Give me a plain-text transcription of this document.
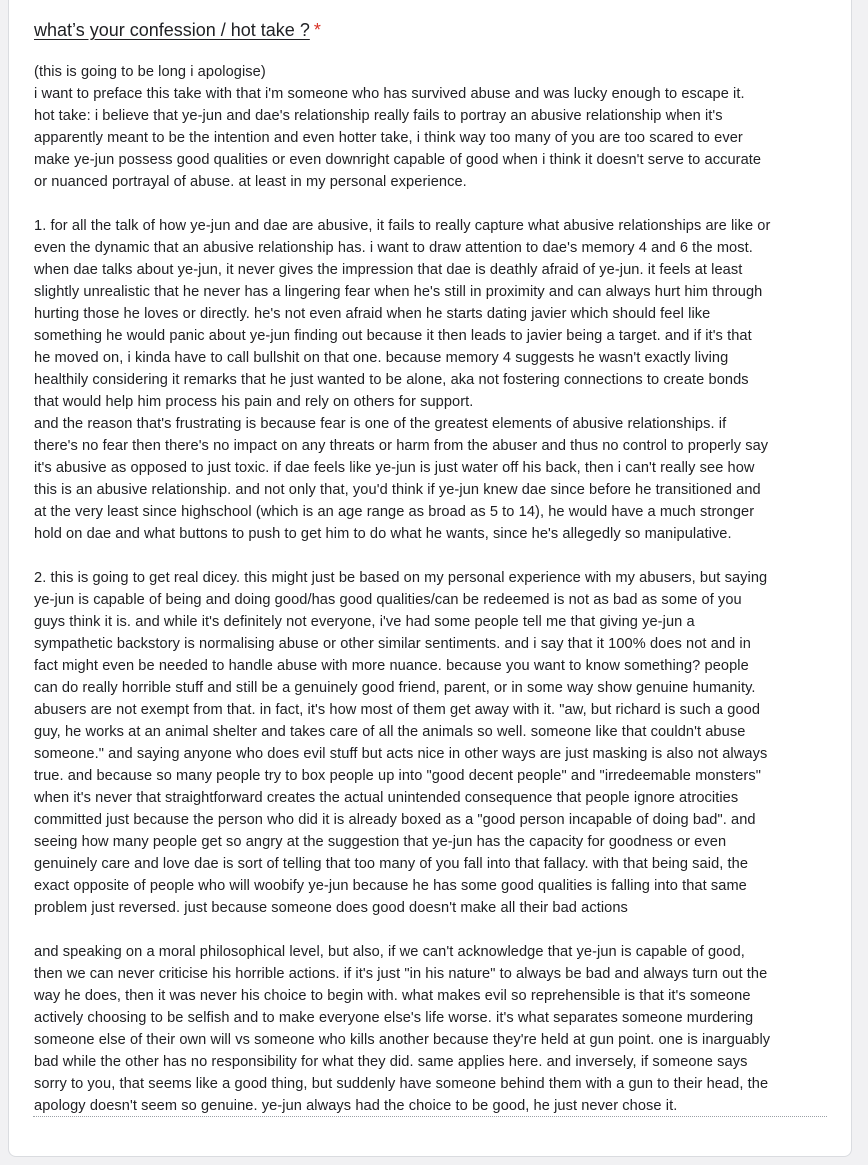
what’s your confession / hot take ? *
(this is going to be long i apologise)
i want to preface this take with that i'm someone who has survived abuse and was lucky enough to escape it.
hot take: i believe that ye-jun and dae's relationship really fails to portray an abusive relationship when it's
apparently meant to be the intention and even hotter take, i think way too many of you are too scared to ever
make ye-jun possess good qualities or even downright capable of good when i think it doesn't serve to accurate
or nuanced portrayal of abuse. at least in my personal experience.
1. for all the talk of how ye-jun and dae are abusive, it fails to really capture what abusive relationships are like or
even the dynamic that an abusive relationship has. i want to draw attention to dae's memory 4 and 6 the most.
when dae talks about ye-jun, it never gives the impression that dae is deathly afraid of ye-jun. it feels at least
slightly unrealistic that he never has a lingering fear when he's still in proximity and can always hurt him through
hurting those he loves or directly. he's not even afraid when he starts dating javier which should feel like
something he would panic about ye-jun finding out because it then leads to javier being a target. and if it's that
he moved on, i kinda have to call bullshit on that one. because memory 4 suggests he wasn't exactly living
healthily considering it remarks that he just wanted to be alone, aka not fostering connections to create bonds
that would help him process his pain and rely on others for support.
and the reason that's frustrating is because fear is one of the greatest elements of abusive relationships. if
there's no fear then there's no impact on any threats or harm from the abuser and thus no control to properly say
it's abusive as opposed to just toxic. if dae feels like ye-jun is just water off his back, then i can't really see how
this is an abusive relationship. and not only that, you'd think if ye-jun knew dae since before he transitioned and
at the very least since highschool (which is an age range as broad as 5 to 14), he would have a much stronger
hold on dae and what buttons to push to get him to do what he wants, since he's allegedly so manipulative.
2. this is going to get real dicey. this might just be based on my personal experience with my abusers, but saying
ye-jun is capable of being and doing good/has good qualities/can be redeemed is not as bad as some of you
guys think it is. and while it's definitely not everyone, i've had some people tell me that giving ye-jun a
sympathetic backstory is normalising abuse or other similar sentiments. and i say that it 100% does not and in
fact might even be needed to handle abuse with more nuance. because you want to know something? people
can do really horrible stuff and still be a genuinely good friend, parent, or in some way show genuine humanity.
abusers are not exempt from that. in fact, it's how most of them get away with it. "aw, but richard is such a good
guy, he works at an animal shelter and takes care of all the animals so well. someone like that couldn't abuse
someone." and saying anyone who does evil stuff but acts nice in other ways are just masking is also not always
true. and because so many people try to box people up into "good decent people" and "irredeemable monsters"
when it's never that straightforward creates the actual unintended consequence that people ignore atrocities
committed just because the person who did it is already boxed as a "good person incapable of doing bad". and
seeing how many people get so angry at the suggestion that ye-jun has the capacity for goodness or even
genuinely care and love dae is sort of telling that too many of you fall into that fallacy. with that being said, the
exact opposite of people who will woobify ye-jun because he has some good qualities is falling into that same
problem just reversed. just because someone does good doesn't make all their bad actions
and speaking on a moral philosophical level, but also, if we can't acknowledge that ye-jun is capable of good,
then we can never criticise his horrible actions. if it's just "in his nature" to always be bad and always turn out the
way he does, then it was never his choice to begin with. what makes evil so reprehensible is that it's someone
actively choosing to be selfish and to make everyone else's life worse. it's what separates someone murdering
someone else of their own will vs someone who kills another because they're held at gun point. one is inarguably
bad while the other has no responsibility for what they did. same applies here. and inversely, if someone says
sorry to you, that seems like a good thing, but suddenly have someone behind them with a gun to their head, the
apology doesn't seem so genuine. ye-jun always had the choice to be good, he just never chose it.
